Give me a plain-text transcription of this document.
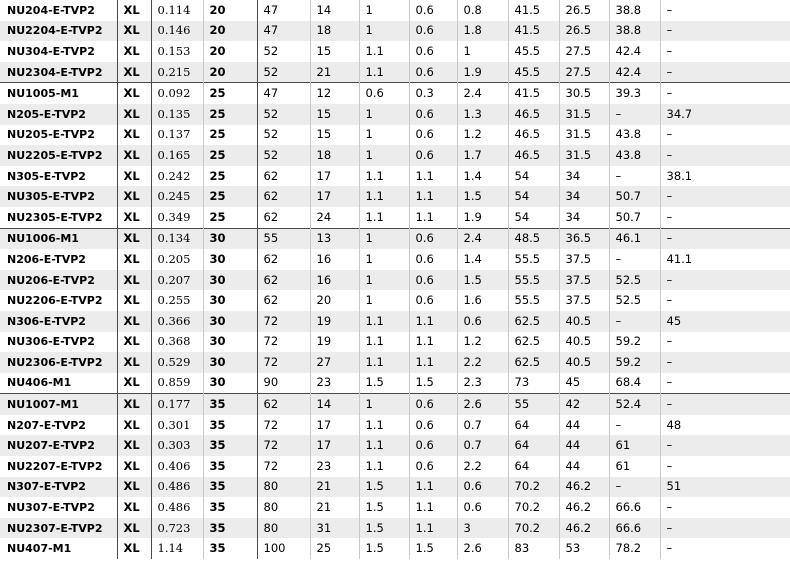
NU204-E-TVP2	XL	0.114	20	47	14	1	0.6	0.8	41.5	26.5	38.8	–
NU2204-E-TVP2	XL	0.146	20	47	18	1	0.6	1.8	41.5	26.5	38.8	–
NU304-E-TVP2	XL	0.153	20	52	15	1.1	0.6	1	45.5	27.5	42.4	–
NU2304-E-TVP2	XL	0.215	20	52	21	1.1	0.6	1.9	45.5	27.5	42.4	–
NU1005-M1	XL	0.092	25	47	12	0.6	0.3	2.4	41.5	30.5	39.3	–
N205-E-TVP2	XL	0.135	25	52	15	1	0.6	1.3	46.5	31.5	–	34.7
NU205-E-TVP2	XL	0.137	25	52	15	1	0.6	1.2	46.5	31.5	43.8	–
NU2205-E-TVP2	XL	0.165	25	52	18	1	0.6	1.7	46.5	31.5	43.8	–
N305-E-TVP2	XL	0.242	25	62	17	1.1	1.1	1.4	54	34	–	38.1
NU305-E-TVP2	XL	0.245	25	62	17	1.1	1.1	1.5	54	34	50.7	–
NU2305-E-TVP2	XL	0.349	25	62	24	1.1	1.1	1.9	54	34	50.7	–
NU1006-M1	XL	0.134	30	55	13	1	0.6	2.4	48.5	36.5	46.1	–
N206-E-TVP2	XL	0.205	30	62	16	1	0.6	1.4	55.5	37.5	–	41.1
NU206-E-TVP2	XL	0.207	30	62	16	1	0.6	1.5	55.5	37.5	52.5	–
NU2206-E-TVP2	XL	0.255	30	62	20	1	0.6	1.6	55.5	37.5	52.5	–
N306-E-TVP2	XL	0.366	30	72	19	1.1	1.1	0.6	62.5	40.5	–	45
NU306-E-TVP2	XL	0.368	30	72	19	1.1	1.1	1.2	62.5	40.5	59.2	–
NU2306-E-TVP2	XL	0.529	30	72	27	1.1	1.1	2.2	62.5	40.5	59.2	–
NU406-M1	XL	0.859	30	90	23	1.5	1.5	2.3	73	45	68.4	–
NU1007-M1	XL	0.177	35	62	14	1	0.6	2.6	55	42	52.4	–
N207-E-TVP2	XL	0.301	35	72	17	1.1	0.6	0.7	64	44	–	48
NU207-E-TVP2	XL	0.303	35	72	17	1.1	0.6	0.7	64	44	61	–
NU2207-E-TVP2	XL	0.406	35	72	23	1.1	0.6	2.2	64	44	61	–
N307-E-TVP2	XL	0.486	35	80	21	1.5	1.1	0.6	70.2	46.2	–	51
NU307-E-TVP2	XL	0.486	35	80	21	1.5	1.1	0.6	70.2	46.2	66.6	–
NU2307-E-TVP2	XL	0.723	35	80	31	1.5	1.1	3	70.2	46.2	66.6	–
NU407-M1	XL	1.14	35	100	25	1.5	1.5	2.6	83	53	78.2	–
